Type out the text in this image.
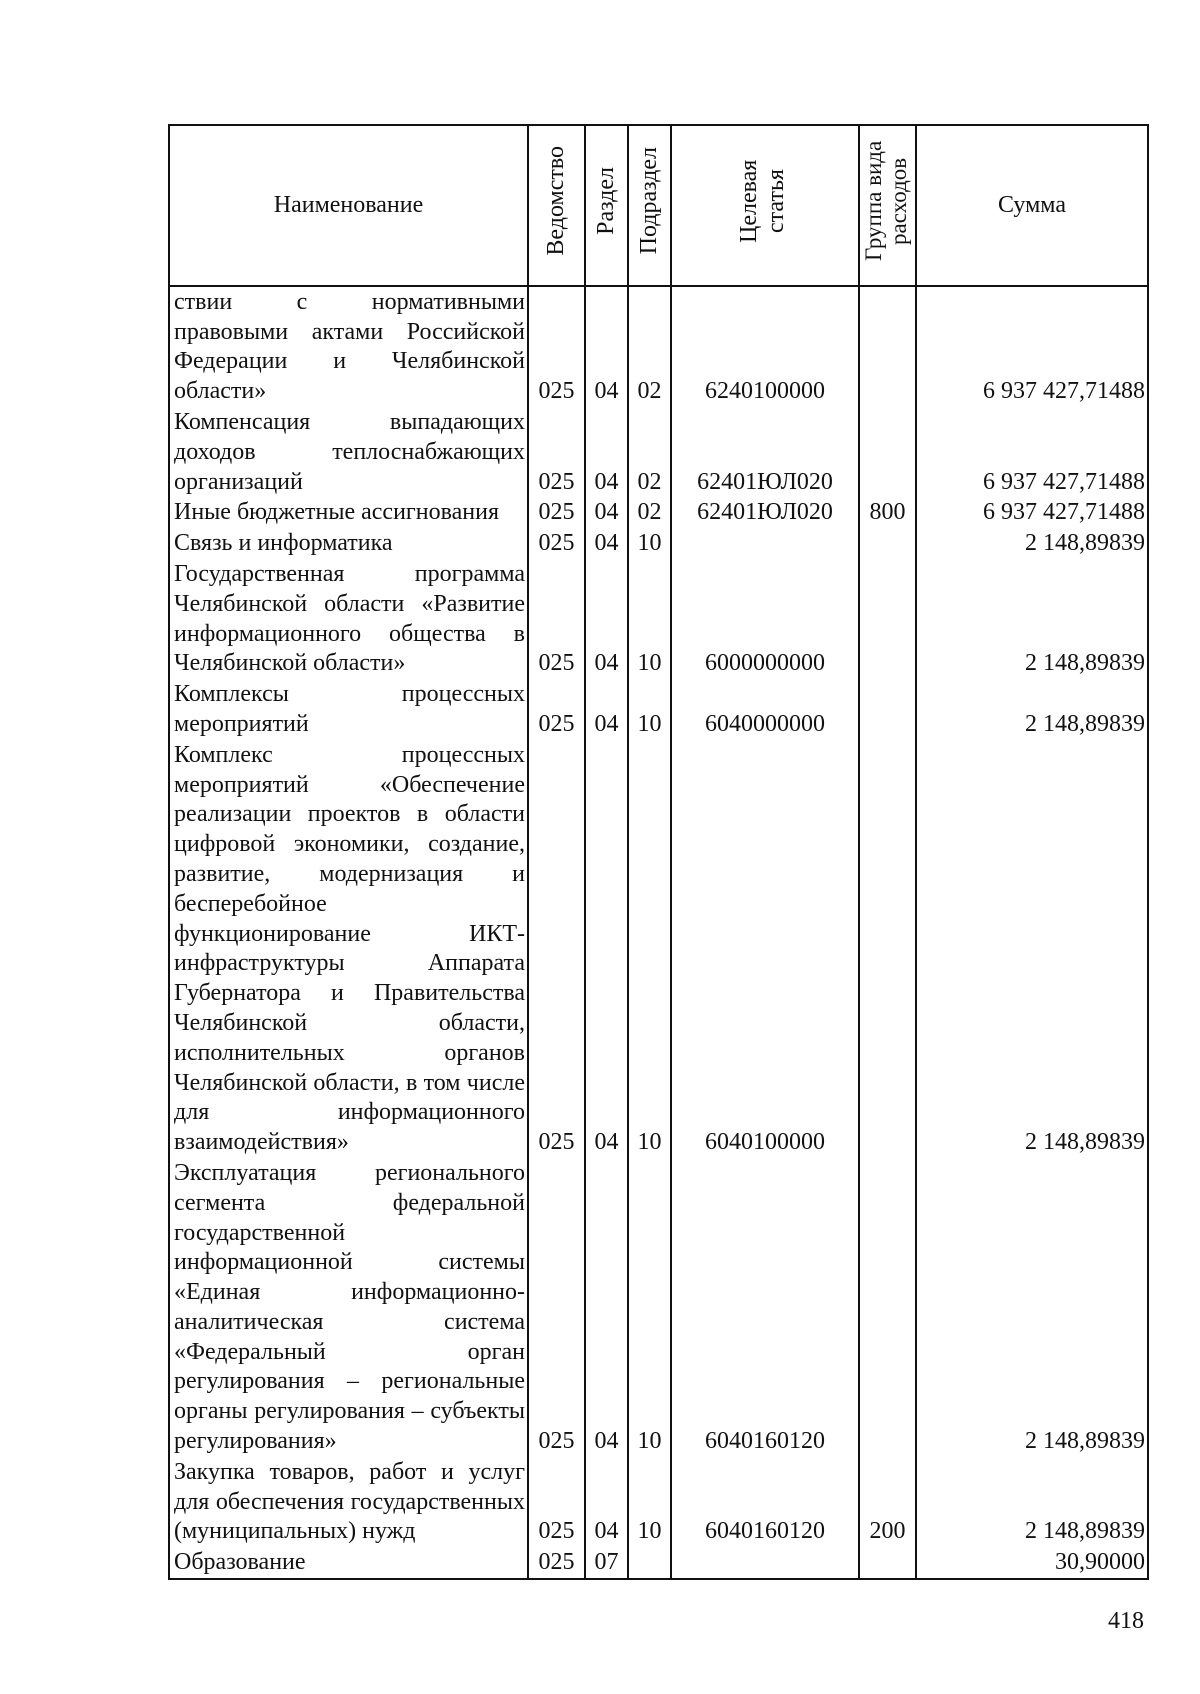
Наименование	Ведомство	Раздел	Подраздел	Целевая статья	Группа вида расходов	Сумма
ствии с нормативными правовыми актами Российской Федерации и Челябинской области»	025	04	02	6240100000		6 937 427,71488
Компенсация выпадающих доходов теплоснабжающих организаций	025	04	02	62401ЮЛ020		6 937 427,71488
Иные бюджетные ассигнования	025	04	02	62401ЮЛ020	800	6 937 427,71488
Связь и информатика	025	04	10			2 148,89839
Государственная программа Челябинской области «Развитие информационного общества в Челябинской области»	025	04	10	6000000000		2 148,89839
Комплексы процессных мероприятий	025	04	10	6040000000		2 148,89839
Комплекс процессных мероприятий «Обеспечение реализации проектов в области цифровой экономики, создание, развитие, модернизация и бесперебойное функционирование ИКТ-инфраструктуры Аппарата Губернатора и Правительства Челябинской области, исполнительных органов Челябинской области, в том числе для информационного взаимодействия»	025	04	10	6040100000		2 148,89839
Эксплуатация регионального сегмента федеральной государственной информационной системы «Единая информационно-аналитическая система «Федеральный орган регулирования – региональные органы регулирования – субъекты регулирования»	025	04	10	6040160120		2 148,89839
Закупка товаров, работ и услуг для обеспечения государственных (муниципальных) нужд	025	04	10	6040160120	200	2 148,89839
Образование	025	07				30,90000
418
